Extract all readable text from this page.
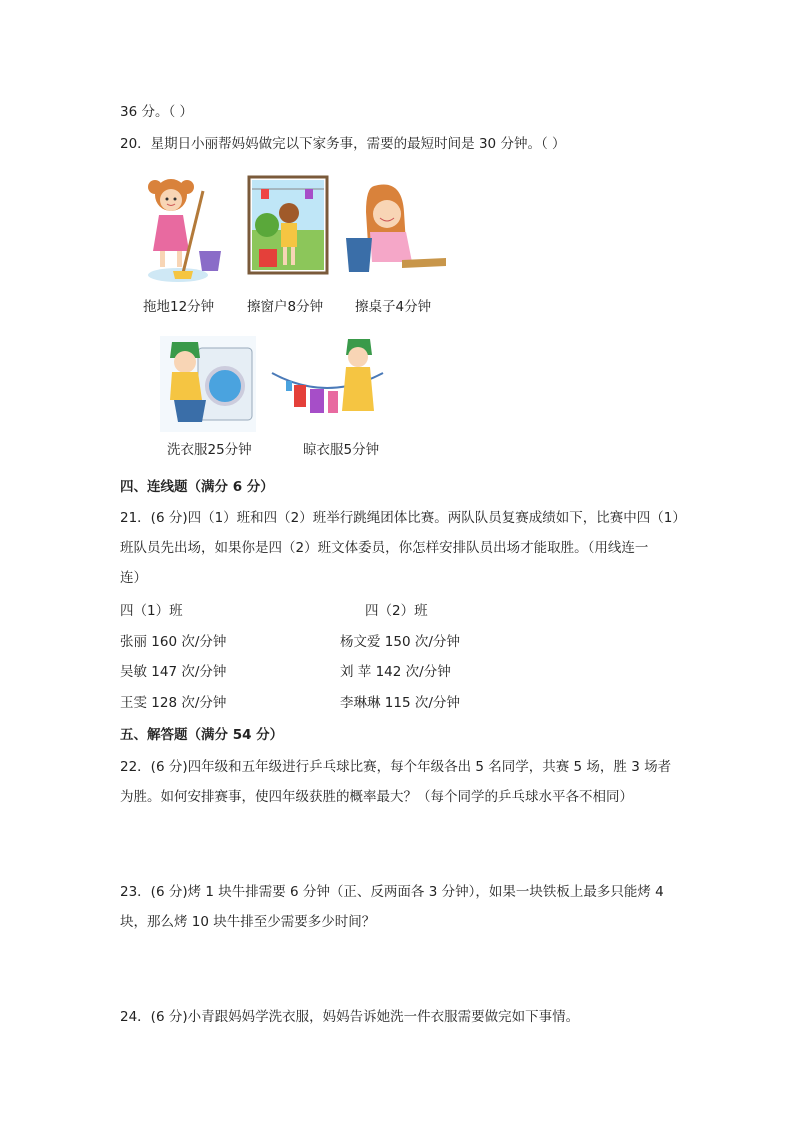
36 分。（ ）
20．星期日小丽帮妈妈做完以下家务事，需要的最短时间是 30 分钟。（ ）
拖地12分钟 擦窗户8分钟 擦桌子4分钟
洗衣服25分钟	晾衣服5分钟
四、连线题（满分 6 分）
21．(6 分)四（1）班和四（2）班举行跳绳团体比赛。两队队员复赛成绩如下，比赛中四（1）
班队员先出场，如果你是四（2）班文体委员，你怎样安排队员出场才能取胜。（用线连一
连）
四（1）班	四（2）班
张丽 160 次/分钟
吴敏 147 次/分钟
王雯 128 次/分钟
杨文爱 150 次/分钟
刘 苹 142 次/分钟
李琳琳 115 次/分钟
五、解答题（满分 54 分）
22．(6 分)四年级和五年级进行乒乓球比赛，每个年级各出 5 名同学，共赛 5 场，胜 3 场者
为胜。如何安排赛事，使四年级获胜的概率最大？（每个同学的乒乓球水平各不相同）
23．(6 分)烤 1 块牛排需要 6 分钟（正、反两面各 3 分钟），如果一块铁板上最多只能烤 4
块，那么烤 10 块牛排至少需要多少时间？
24．(6 分)小青跟妈妈学洗衣服，妈妈告诉她洗一件衣服需要做完如下事情。
